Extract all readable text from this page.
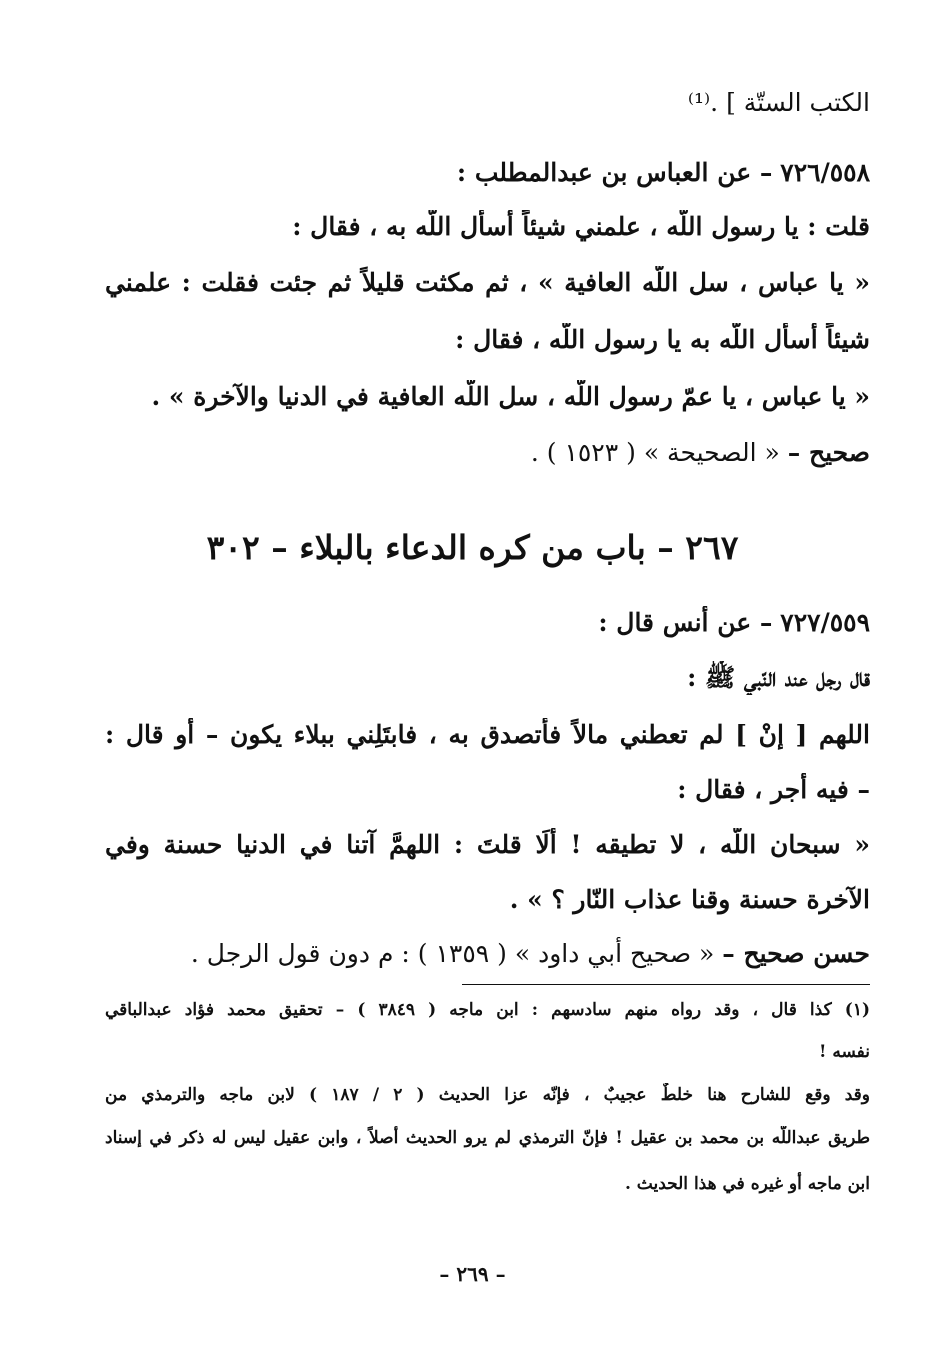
الكتب الستّة ] .⁽¹⁾
٧٢٦/٥٥٨ – عن العباس بن عبدالمطلب :
قلت : يا رسول اللّه ، علمني شيئاً أسأل اللّه به ، فقال :
« يا عباس ، سل اللّه العافية » ، ثم مكثت قليلاً ثم جئت فقلت : علمني
شيئاً أسأل اللّه به يا رسول اللّه ، فقال :
« يا عباس ، يا عمّ رسول اللّه ، سل اللّه العافية في الدنيا والآخرة » .
صحيح – « الصحيحة » ( ١٥٢٣ ) .
٢٦٧ – باب من كره الدعاء بالبلاء – ٣٠٢
٧٢٧/٥٥٩ – عن أنس قال :
قال رجل عند النّبي ﷺ :
اللهم [ إنْ ] لم تعطني مالاً فأتصدق به ، فابتَلِني ببلاء يكون – أو قال :
– فيه أجر ، فقال :
« سبحان اللّه ، لا تطيقه ! أَلَا قلتَ : اللهمَّ آتنا في الدنيا حسنة وفي
الآخرة حسنة وقنا عذاب النّار ؟ » .
حسن صحيح – « صحيح أبي داود » ( ١٣٥٩ ) : م دون قول الرجل .
(١) كذا قال ، وقد رواه منهم سادسهم : ابن ماجه ( ٣٨٤٩ ) – تحقيق محمد فؤاد عبدالباقي
نفسه !
وقد وقع للشارح هنا خلطٌ عجيبٌ ، فإنّه عزا الحديث ( ٢ / ١٨٧ ) لابن ماجه والترمذي من
طريق عبداللّه بن محمد بن عقيل ! فإنّ الترمذي لم يرو الحديث أصلاً ، وابن عقيل ليس له ذكر في إسناد
ابن ماجه أو غيره في هذا الحديث .
– ٢٦٩ –
